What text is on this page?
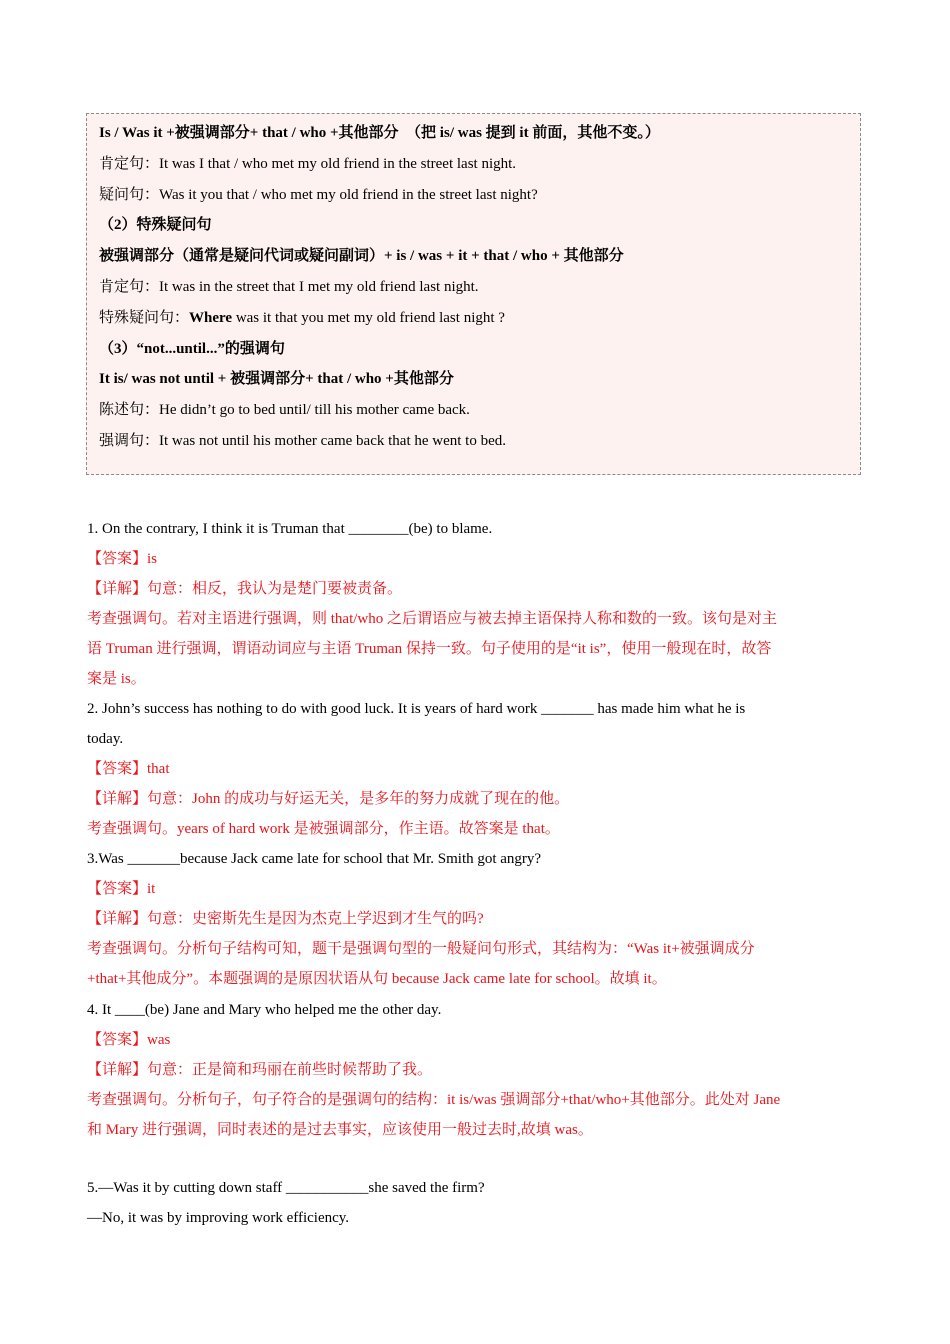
Is / Was it +被强调部分+ that / who +其他部分　（把 is/ was 提到 it 前面，其他不变。）
肯定句：It was I that / who met my old friend in the street last night.
疑问句：Was it you that / who met my old friend in the street last night?
（2）特殊疑问句
被强调部分（通常是疑问代词或疑问副词）+ is / was + it + that / who + 其他部分
肯定句：It was in the street that I met my old friend last night.
特殊疑问句：Where was it that you met my old friend last night ?
（3）“not...until...”的强调句
It is/ was not until + 被强调部分+ that / who +其他部分
陈述句：He didn’t go to bed until/ till his mother came back.
强调句：It was not until his mother came back that he went to bed.
1. On the contrary, I think it is Truman that ________(be) to blame.
【答案】is
【详解】句意：相反，我认为是楚门要被责备。
考查强调句。若对主语进行强调，则 that/who 之后谓语应与被去掉主语保持人称和数的一致。该句是对主
语 Truman 进行强调，谓语动词应与主语 Truman 保持一致。句子使用的是“it is”，使用一般现在时，故答
案是 is。
2. John’s success has nothing to do with good luck. It is years of hard work _______ has made him what he is
today.
【答案】that
【详解】句意：John 的成功与好运无关，是多年的努力成就了现在的他。
考查强调句。years of hard work 是被强调部分，作主语。故答案是 that。
3.Was _______because Jack came late for school that Mr. Smith got angry?
【答案】it
【详解】句意：史密斯先生是因为杰克上学迟到才生气的吗?
考查强调句。分析句子结构可知，题干是强调句型的一般疑问句形式，其结构为：“Was it+被强调成分
+that+其他成分”。本题强调的是原因状语从句 because Jack came late for school。故填 it。
4. It ____(be) Jane and Mary who helped me the other day.
【答案】was
【详解】句意：正是简和玛丽在前些时候帮助了我。
考查强调句。分析句子，句子符合的是强调句的结构：it is/was 强调部分+that/who+其他部分。此处对 Jane
和 Mary 进行强调，同时表述的是过去事实，应该使用一般过去时,故填 was。
5.—Was it by cutting down staff ___________she saved the firm?
—No, it was by improving work efficiency.
